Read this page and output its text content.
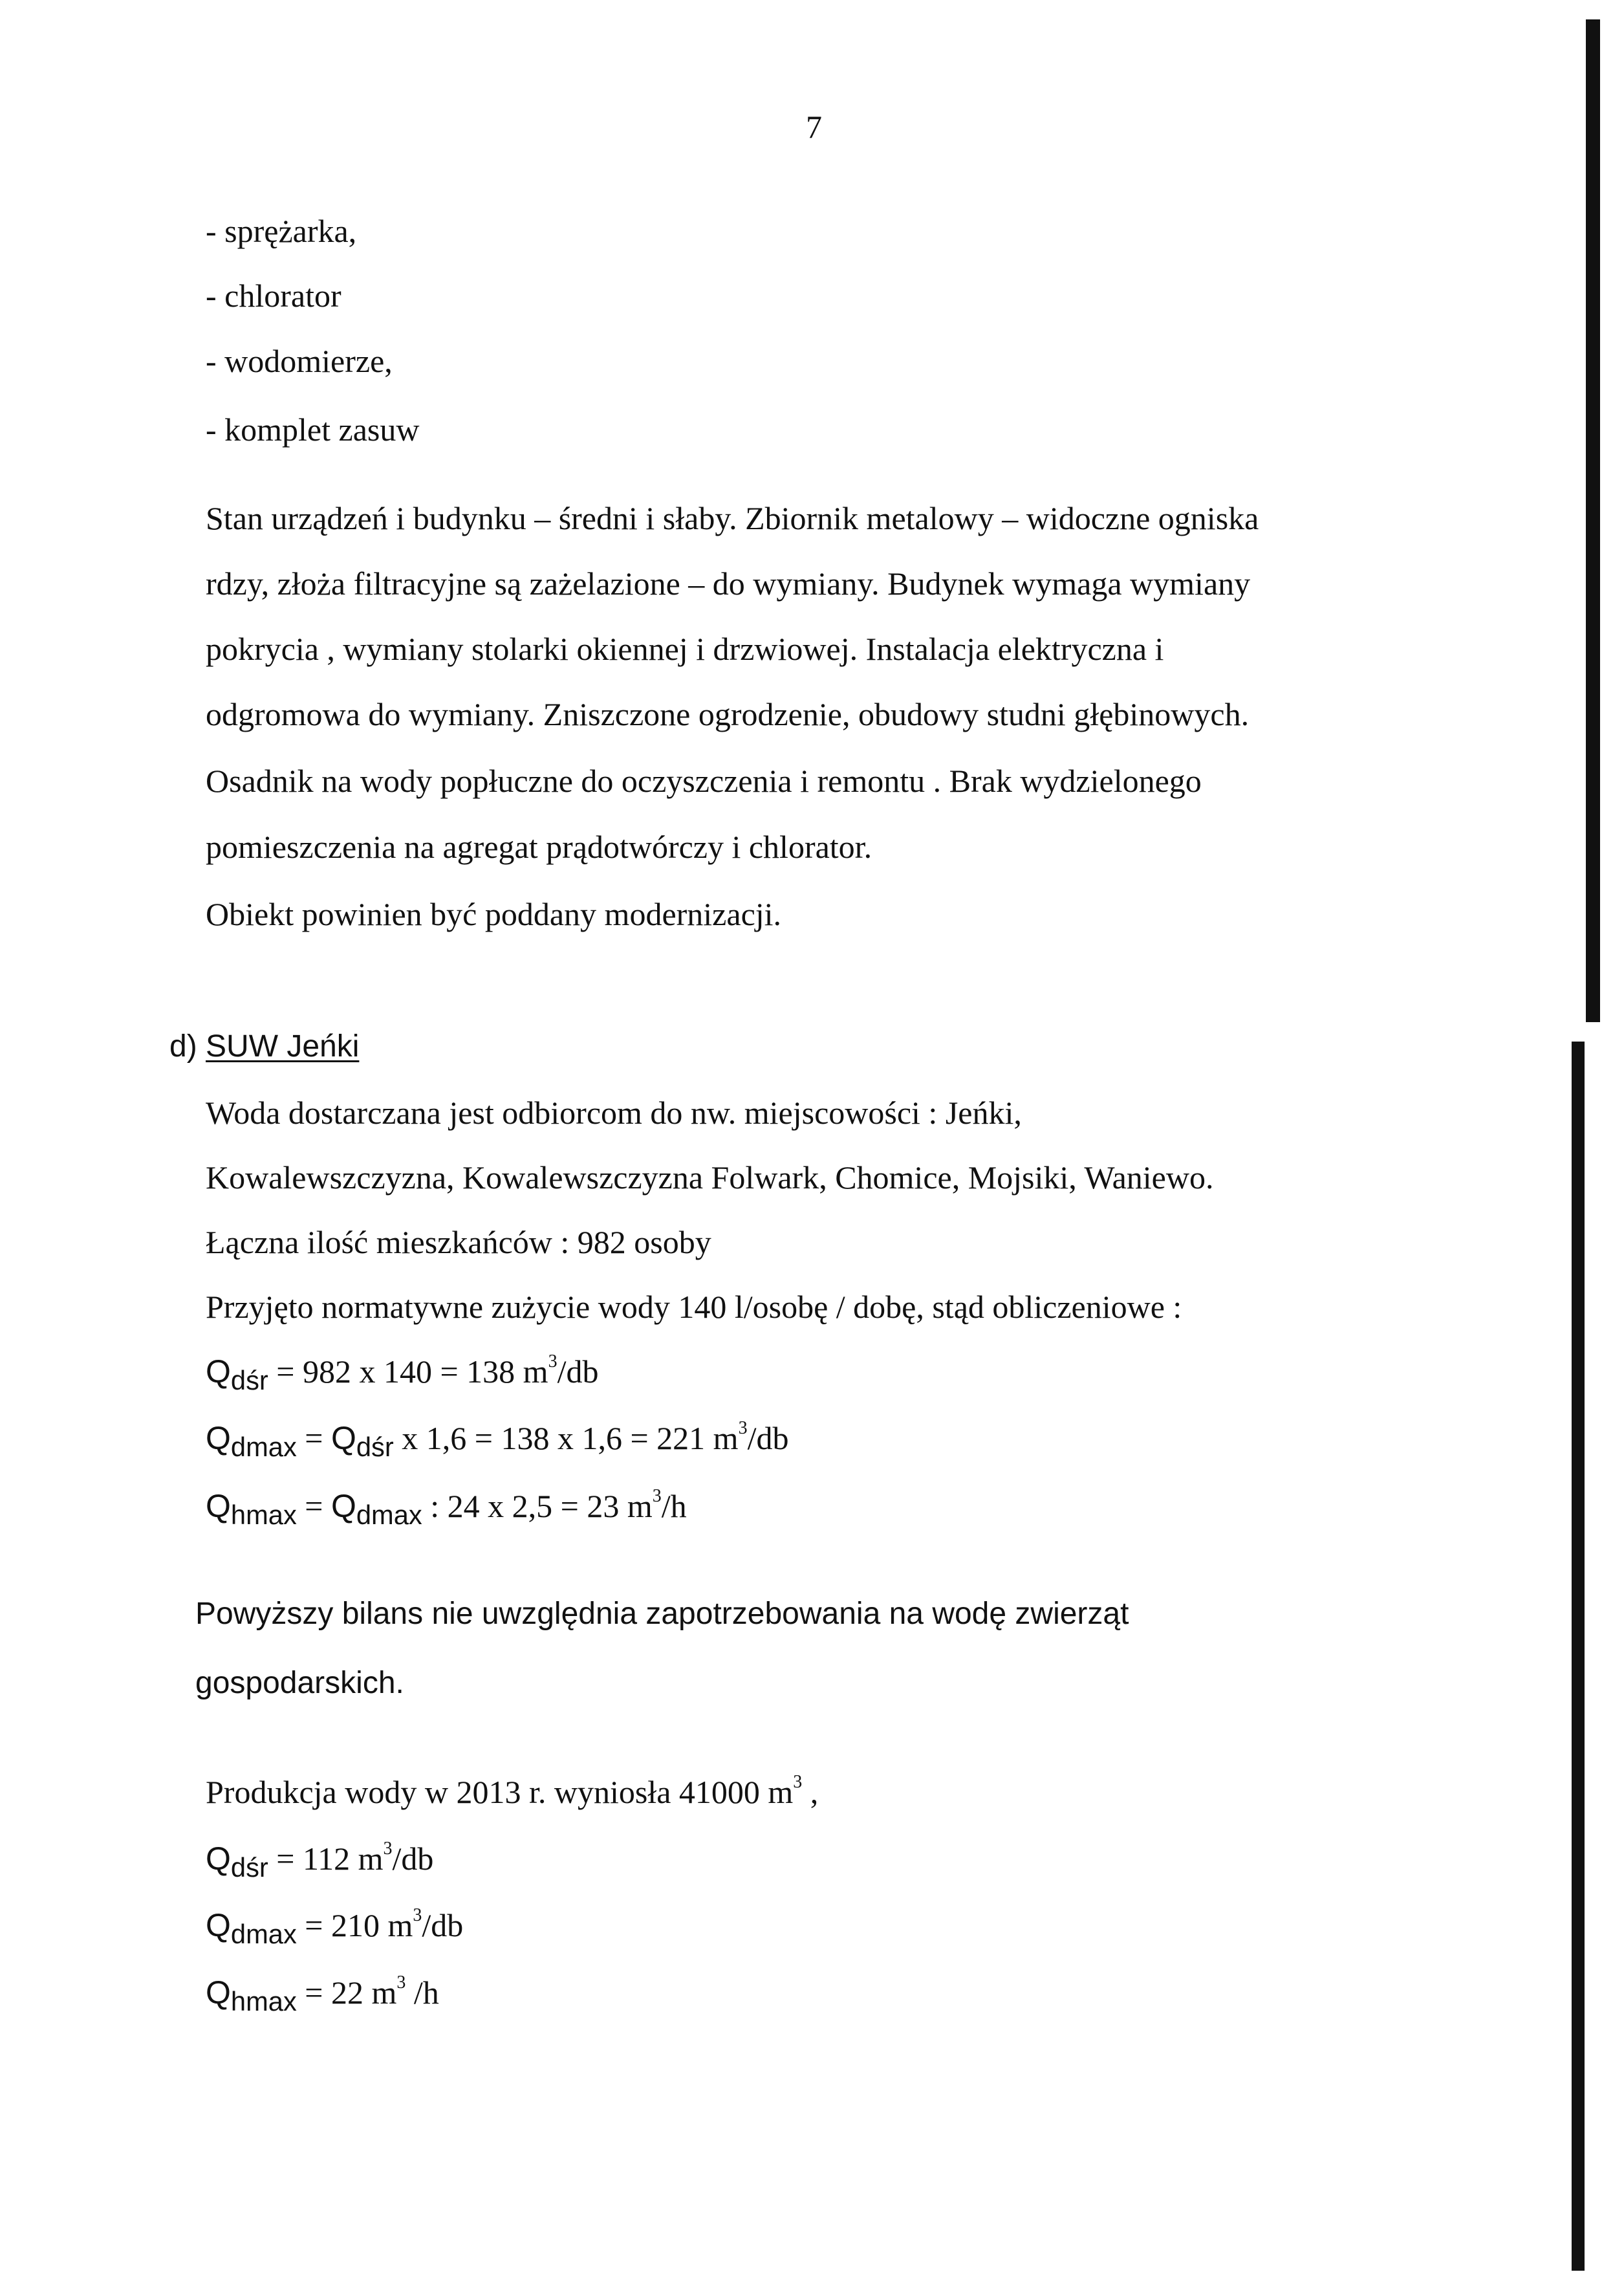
7
- sprężarka,
- chlorator
- wodomierze,
- komplet zasuw
Stan urządzeń i budynku – średni i słaby. Zbiornik metalowy – widoczne ogniska
rdzy, złoża filtracyjne są zażelazione – do wymiany. Budynek wymaga wymiany
pokrycia , wymiany stolarki okiennej i drzwiowej. Instalacja elektryczna i
odgromowa do wymiany. Zniszczone ogrodzenie, obudowy studni głębinowych.
Osadnik na wody popłuczne do oczyszczenia i remontu . Brak wydzielonego
pomieszczenia na agregat prądotwórczy i chlorator.
Obiekt powinien być poddany modernizacji.
d) SUW Jeńki
Woda dostarczana jest odbiorcom do nw. miejscowości : Jeńki,
Kowalewszczyzna, Kowalewszczyzna Folwark, Chomice, Mojsiki, Waniewo.
Łączna ilość mieszkańców : 982 osoby
Przyjęto normatywne zużycie wody 140 l/osobę / dobę, stąd obliczeniowe :
$Q_{dśr} = 982$ x 140 = 138 $m^3/db$
$Q_{dmax} = Q_{dśr}$ x 1,6 = 138 x 1,6 = 221 $m^3/db$
$Q_{hmax} = Q_{dmax}$ : 24 x 2,5 = 23 $m^3/h$
Powyższy bilans nie uwzględnia zapotrzebowania na wodę zwierząt
gospodarskich.
Produkcja wody w 2013 r. wyniosła 41000 $m^3$ ,
$Q_{dśr} = 112$ $m^3/db$
$Q_{dmax} = 210$ $m^3/db$
$Q_{hmax} = 22$ $m^3$ /h
